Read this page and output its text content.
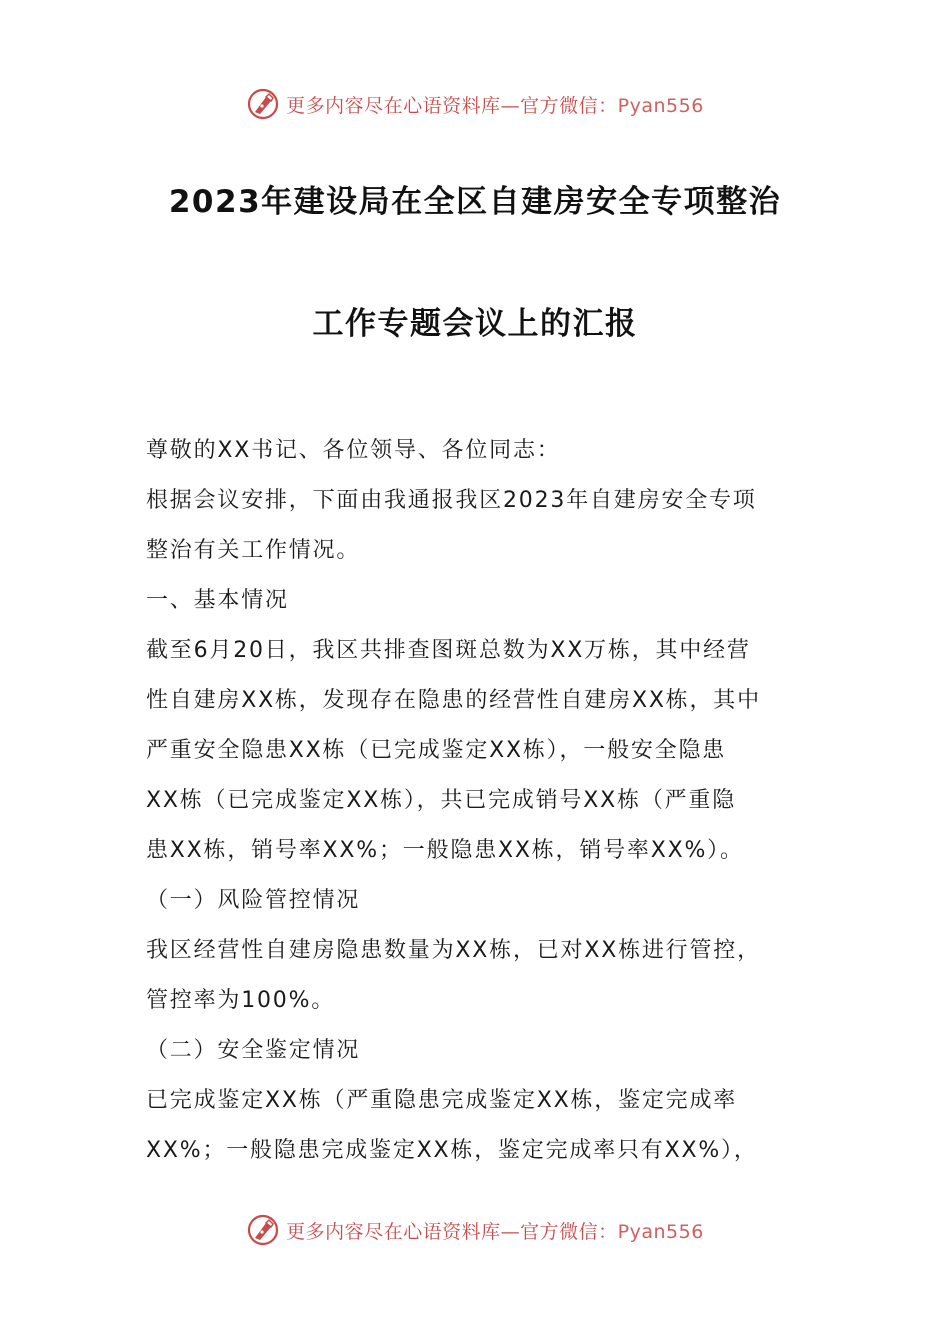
更多内容尽在心语资料库—官方微信：Pyan556
2023年建设局在全区自建房安全专项整治
工作专题会议上的汇报

尊敬的XX书记、各位领导、各位同志：

根据会议安排，下面由我通报我区2023年自建房安全专项

整治有关工作情况。

一、基本情况

截至6月20日，我区共排查图斑总数为XX万栋，其中经营

性自建房XX栋，发现存在隐患的经营性自建房XX栋，其中

严重安全隐患XX栋（已完成鉴定XX栋），一般安全隐患

XX栋（已完成鉴定XX栋），共已完成销号XX栋（严重隐

患XX栋，销号率XX%；一般隐患XX栋，销号率XX%）。

（一）风险管控情况

我区经营性自建房隐患数量为XX栋，已对XX栋进行管控，

管控率为100%。

（二）安全鉴定情况

已完成鉴定XX栋（严重隐患完成鉴定XX栋，鉴定完成率

XX%；一般隐患完成鉴定XX栋，鉴定完成率只有XX%），

更多内容尽在心语资料库—官方微信：Pyan556
